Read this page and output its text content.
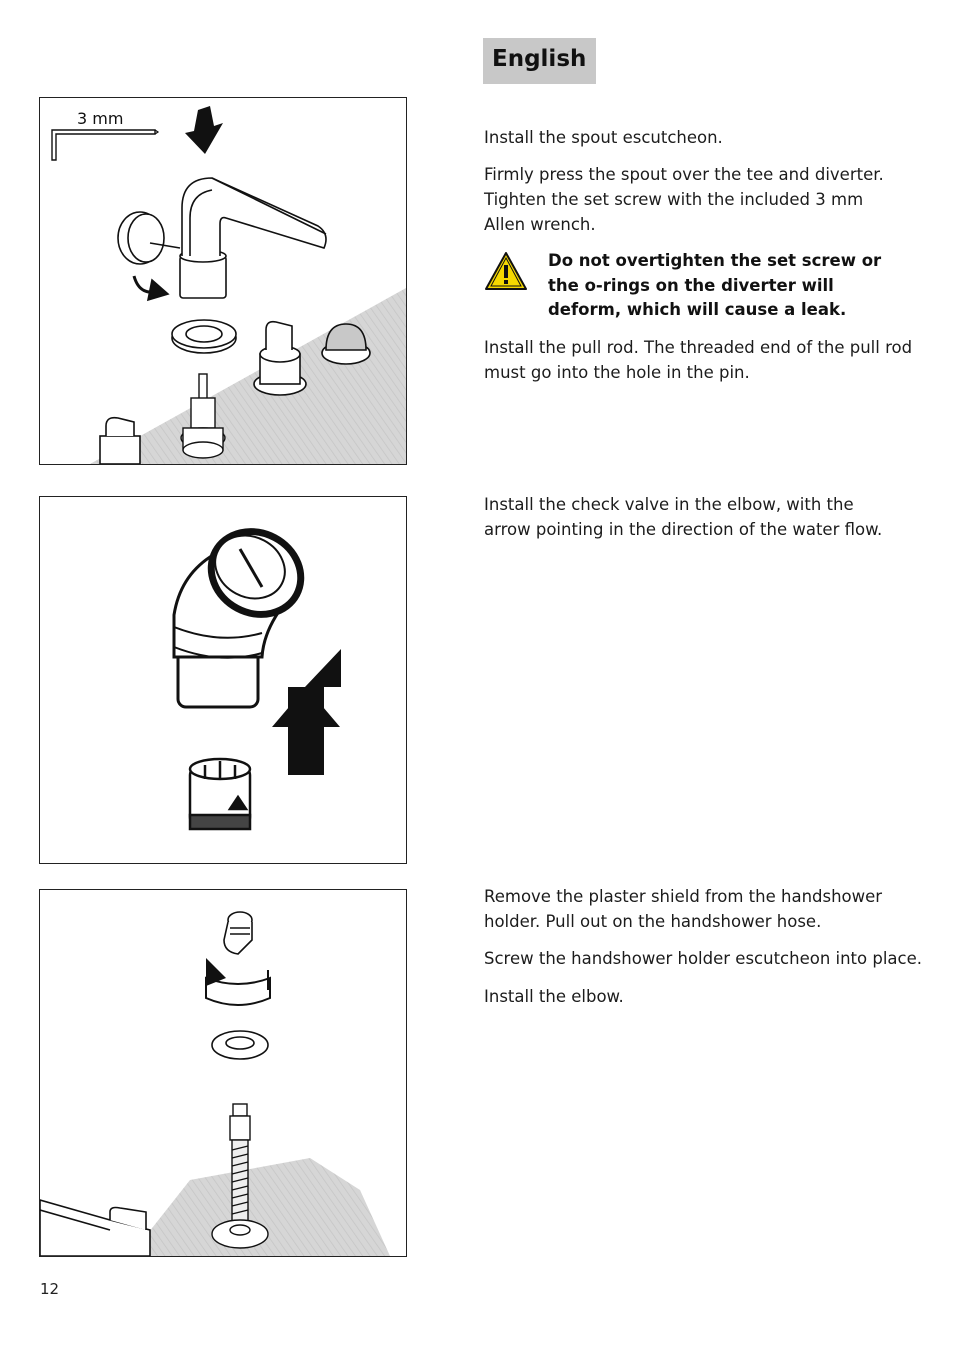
English
3 mm

Install the spout escutcheon.

Firmly press the spout over the tee and diverter. Tighten the set screw with the included 3 mm Allen wrench.

Do not overtighten the set screw or the o-rings on the diverter will deform, which will cause a leak.

Install the pull rod. The threaded end of the pull rod must go into the hole in the pin.

Install the check valve in the elbow, with the arrow pointing in the direction of the water flow.

Remove the plaster shield from the handshower holder. Pull out on the handshower hose.

Screw the handshower holder escutcheon into place.

Install the elbow.

12
